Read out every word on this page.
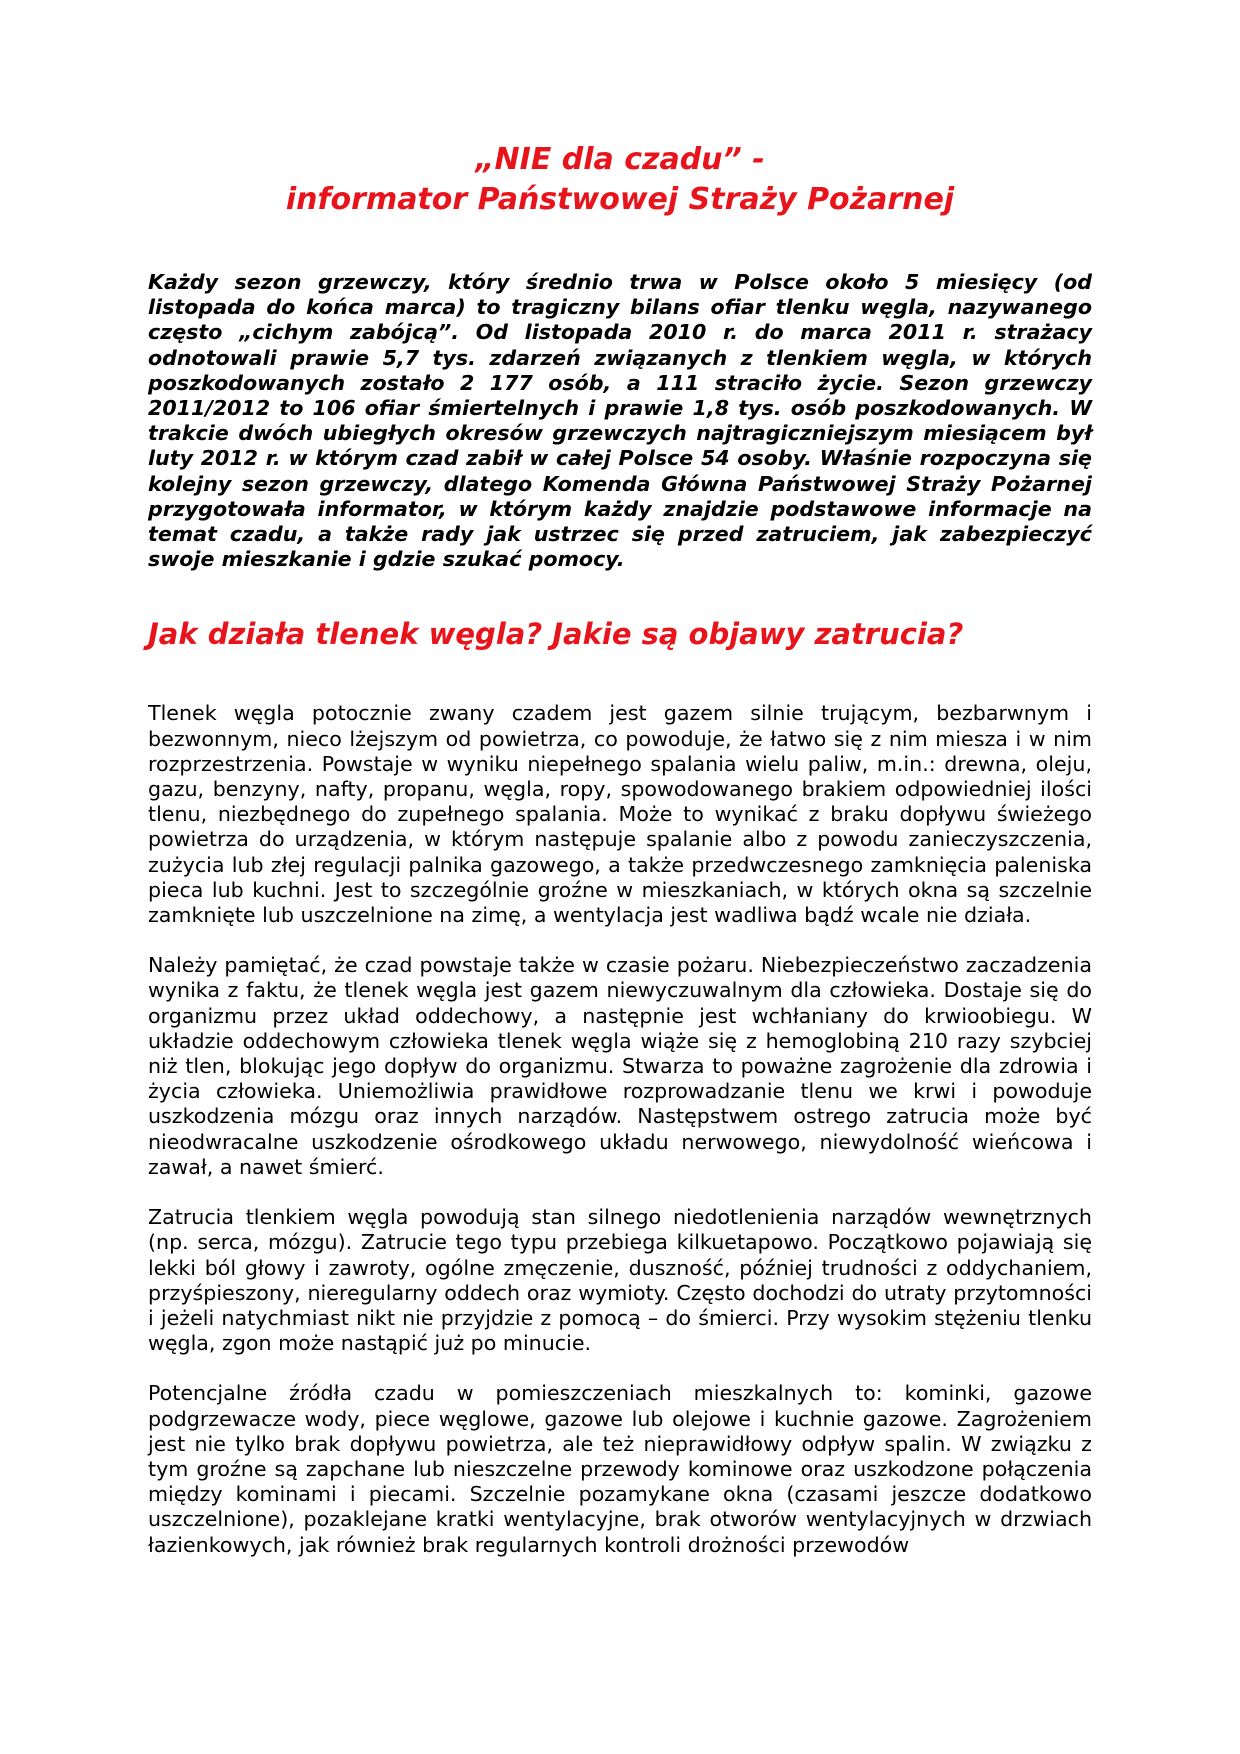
„NIE dla czadu” -
informator Państwowej Straży Pożarnej

Każdy sezon grzewczy, który średnio trwa w Polsce około 5 miesięcy (od listopada do końca marca) to tragiczny bilans ofiar tlenku węgla, nazywanego często „cichym zabójcą”. Od listopada 2010 r. do marca 2011 r. strażacy odnotowali prawie 5,7 tys. zdarzeń związanych z tlenkiem węgla, w których poszkodowanych zostało 2 177 osób, a 111 straciło życie. Sezon grzewczy 2011/2012 to 106 ofiar śmiertelnych i prawie 1,8 tys. osób poszkodowanych. W trakcie dwóch ubiegłych okresów grzewczych najtragiczniejszym miesiącem był luty 2012 r. w którym czad zabił w całej Polsce 54 osoby. Właśnie rozpoczyna się kolejny sezon grzewczy, dlatego Komenda Główna Państwowej Straży Pożarnej przygotowała informator, w którym każdy znajdzie podstawowe informacje na temat czadu, a także rady jak ustrzec się przed zatruciem, jak zabezpieczyć swoje mieszkanie i gdzie szukać pomocy.

Jak działa tlenek węgla? Jakie są objawy zatrucia?

Tlenek węgla potocznie zwany czadem jest gazem silnie trującym, bezbarwnym i bezwonnym, nieco lżejszym od powietrza, co powoduje, że łatwo się z nim miesza i w nim rozprzestrzenia. Powstaje w wyniku niepełnego spalania wielu paliw, m.in.: drewna, oleju, gazu, benzyny, nafty, propanu, węgla, ropy, spowodowanego brakiem odpowiedniej ilości tlenu, niezbędnego do zupełnego spalania. Może to wynikać z braku dopływu świeżego powietrza do urządzenia, w którym następuje spalanie albo z powodu zanieczyszczenia, zużycia lub złej regulacji palnika gazowego, a także przedwczesnego zamknięcia paleniska pieca lub kuchni. Jest to szczególnie groźne w mieszkaniach, w których okna są szczelnie zamknięte lub uszczelnione na zimę, a wentylacja jest wadliwa bądź wcale nie działa.

Należy pamiętać, że czad powstaje także w czasie pożaru. Niebezpieczeństwo zaczadzenia wynika z faktu, że tlenek węgla jest gazem niewyczuwalnym dla człowieka. Dostaje się do organizmu przez układ oddechowy, a następnie jest wchłaniany do krwioobiegu. W układzie oddechowym człowieka tlenek węgla wiąże się z hemoglobiną 210 razy szybciej niż tlen, blokując jego dopływ do organizmu. Stwarza to poważne zagrożenie dla zdrowia i życia człowieka. Uniemożliwia prawidłowe rozprowadzanie tlenu we krwi i powoduje uszkodzenia mózgu oraz innych narządów. Następstwem ostrego zatrucia może być nieodwracalne uszkodzenie ośrodkowego układu nerwowego, niewydolność wieńcowa i zawał, a nawet śmierć.

Zatrucia tlenkiem węgla powodują stan silnego niedotlenienia narządów wewnętrznych (np. serca, mózgu). Zatrucie tego typu przebiega kilkuetapowo. Początkowo pojawiają się lekki ból głowy i zawroty, ogólne zmęczenie, duszność, później trudności z oddychaniem, przyśpieszony, nieregularny oddech oraz wymioty. Często dochodzi do utraty przytomności i jeżeli natychmiast nikt nie przyjdzie z pomocą – do śmierci. Przy wysokim stężeniu tlenku węgla, zgon może nastąpić już po minucie.

Potencjalne źródła czadu w pomieszczeniach mieszkalnych to: kominki, gazowe podgrzewacze wody, piece węglowe, gazowe lub olejowe i kuchnie gazowe. Zagrożeniem jest nie tylko brak dopływu powietrza, ale też nieprawidłowy odpływ spalin. W związku z tym groźne są zapchane lub nieszczelne przewody kominowe oraz uszkodzone połączenia między kominami i piecami. Szczelnie pozamykane okna (czasami jeszcze dodatkowo uszczelnione), pozaklejane kratki wentylacyjne, brak otworów wentylacyjnych w drzwiach łazienkowych, jak również brak regularnych kontroli drożności przewodów
